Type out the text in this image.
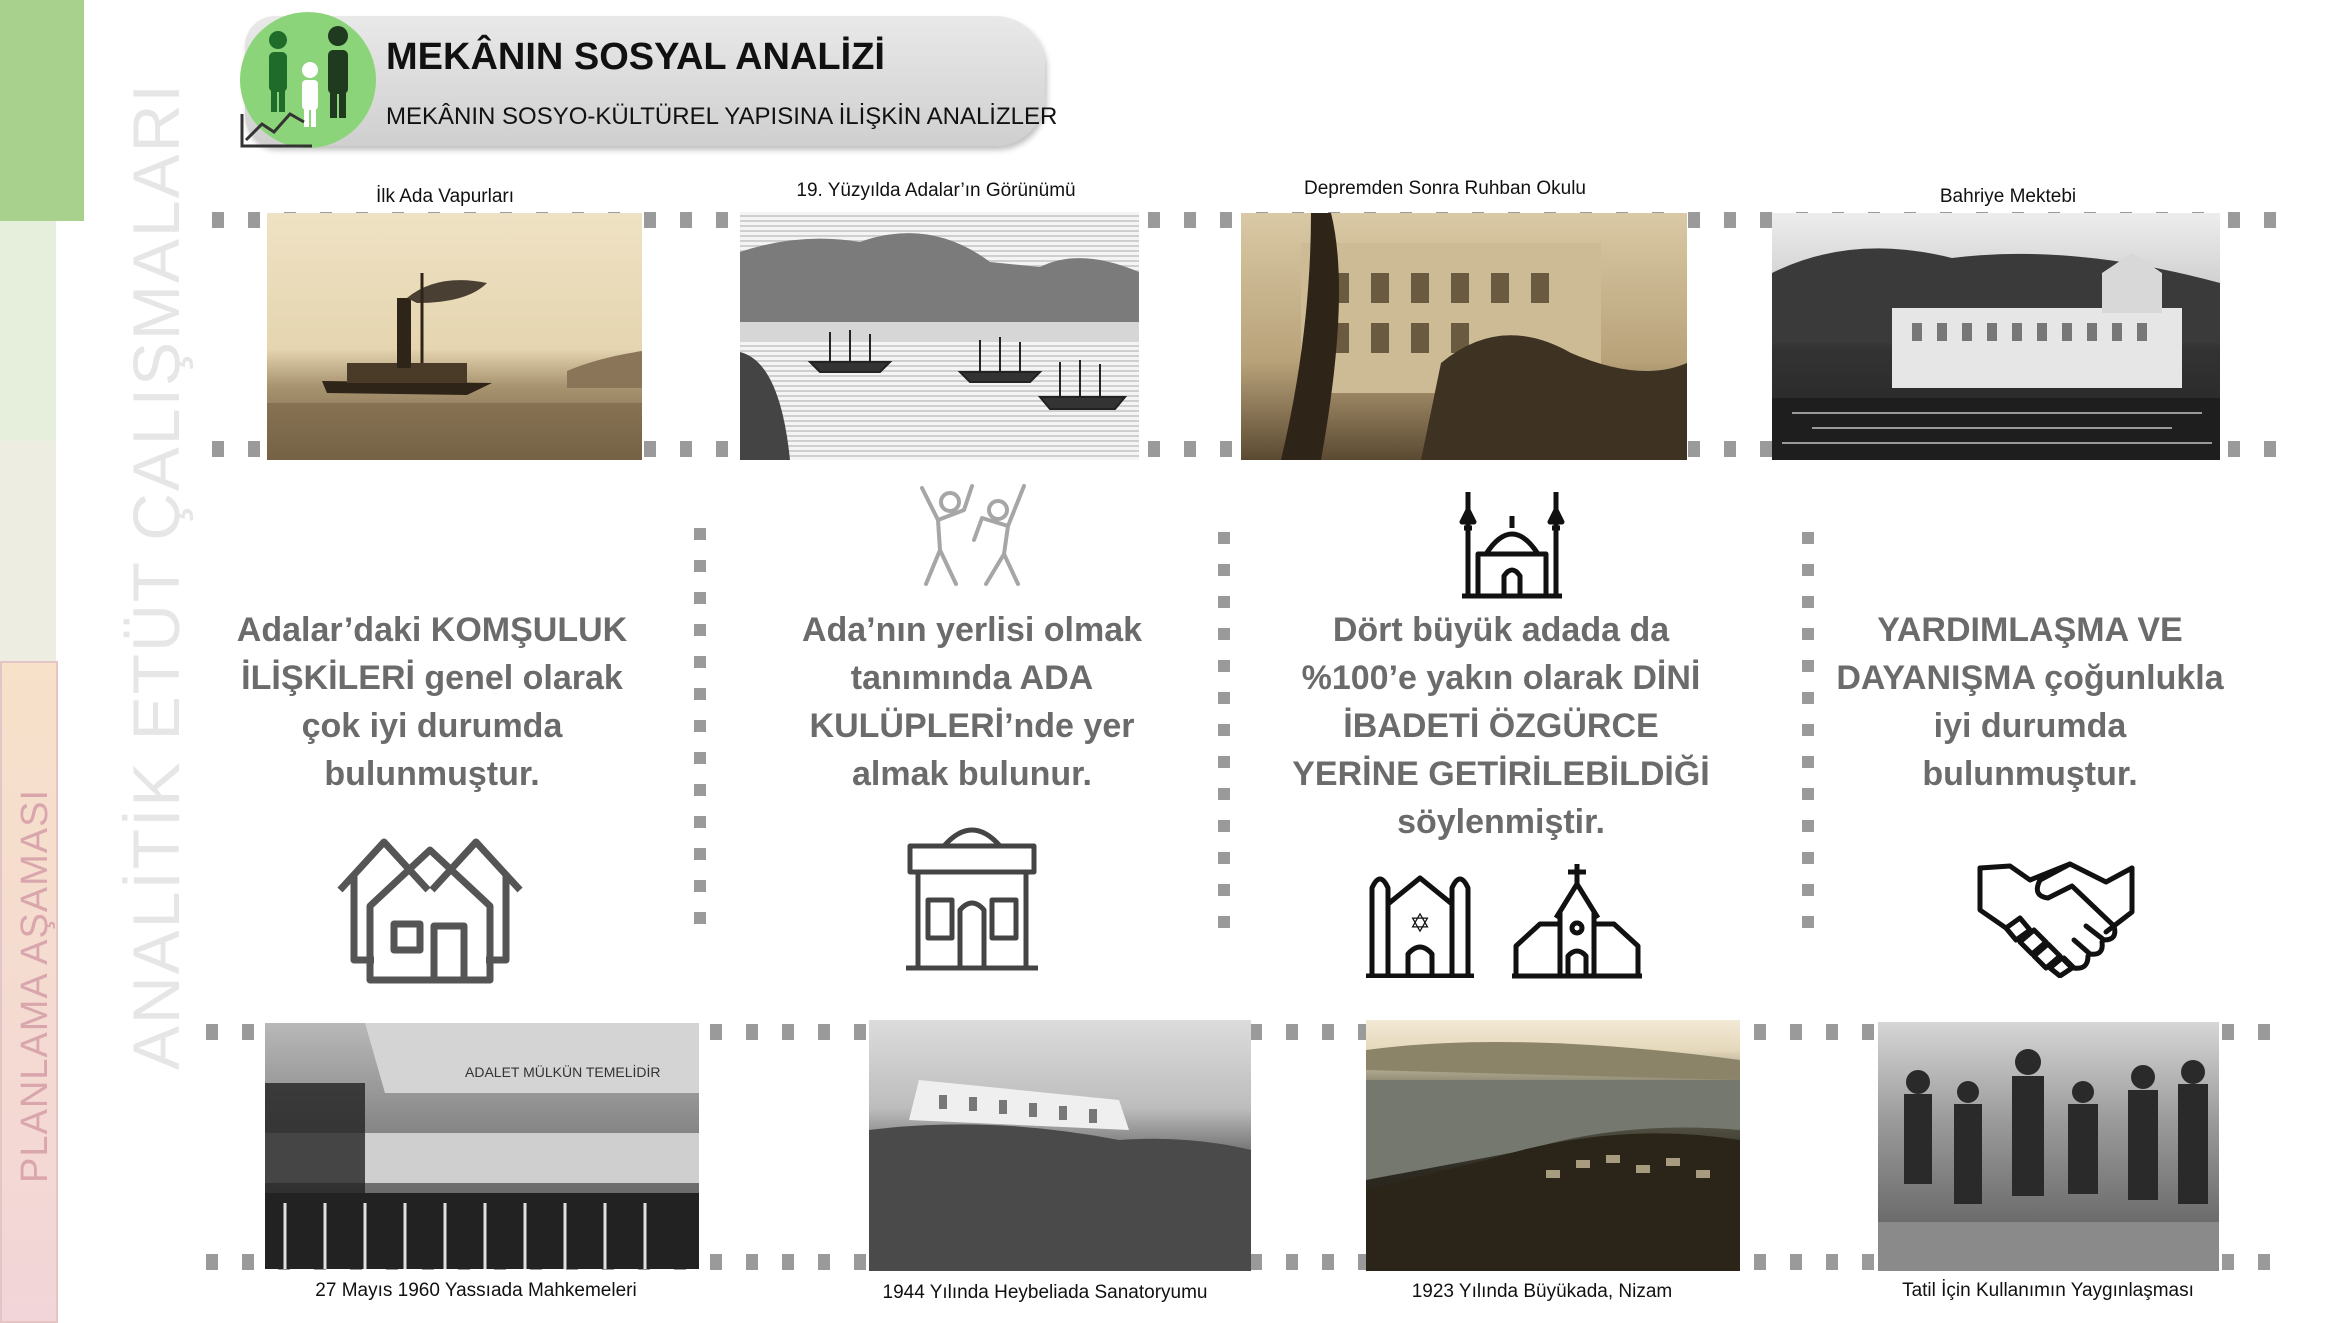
PLANLAMA AŞAMASI ANALİTİK ETÜT ÇALIŞMALARI
MEKÂNIN SOSYAL ANALİZİ
MEKÂNIN SOSYO-KÜLTÜREL YAPISINA İLİŞKİN ANALİZLER
İlk Ada Vapurları	19. Yüzyılda Adalar’ın Görünümü	Depremden Sonra Ruhban Okulu	Bahriye Mektebi
Adalar’daki KOMŞULUK İLİŞKİLERİ genel olarak çok iyi durumda bulunmuştur.
Ada’nın yerlisi olmak tanımında ADA KULÜPLERİ’nde yer almak bulunur.
Dört büyük adada da %100’e yakın olarak DİNİ İBADETİ ÖZGÜRCE YERİNE GETİRİLEBİLDİĞİ söylenmiştir.
YARDIMLAŞMA VE DAYANIŞMA çoğunlukla iyi durumda bulunmuştur.
✡
ADALET MÜLKÜN TEMELİDİR
27 Mayıs 1960 Yassıada Mahkemeleri	1944 Yılında Heybeliada Sanatoryumu	1923 Yılında Büyükada, Nizam	Tatil İçin Kullanımın Yaygınlaşması
